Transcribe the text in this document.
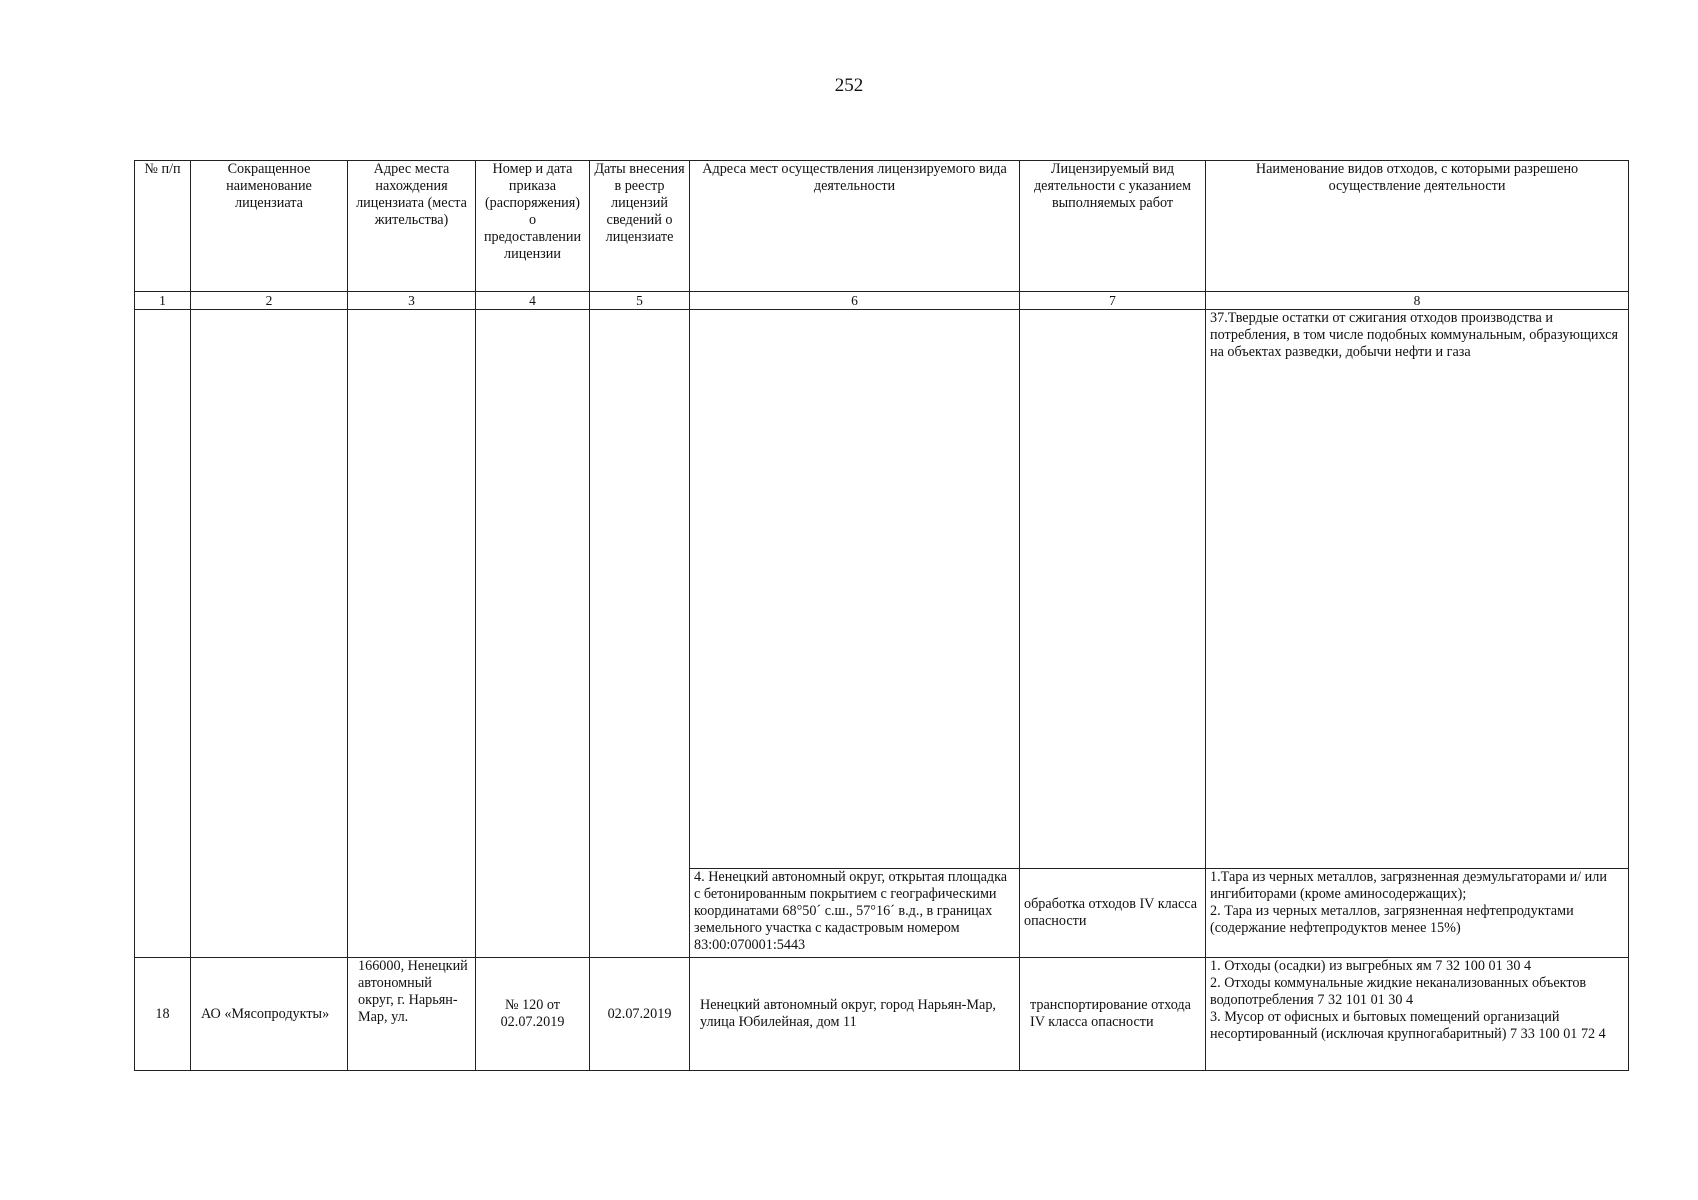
252
№ п/п	Сокращенное наименование лицензиата	Адрес места нахождения лицензиата (места жительства)	Номер и дата приказа (распоряжения) о предоставлении лицензии	Даты внесения в реестр лицензий сведений о лицензиате	Адреса мест осуществления лицензируемого вида деятельности	Лицензируемый вид деятельности с указанием выполняемых работ	Наименование видов отходов, с которыми разрешено осуществление деятельности
1	2	3	4	5	6	7	8
							37.Твердые остатки от сжигания отходов производства и потребления, в том числе подобных коммунальным, образующихся на объектах разведки, добычи нефти и газа
					4. Ненецкий автономный округ, открытая площадка с бетонированным покрытием с географическими координатами 68°50´ с.ш., 57°16´ в.д., в границах земельного участка с кадастровым номером 83:00:070001:5443	обработка отходов IV класса опасности	1.Тара из черных металлов, загрязненная деэмульгаторами и/ или ингибиторами (кроме аминосодержащих);
2. Тара из черных металлов, загрязненная нефтепродуктами (содержание нефтепродуктов менее 15%)

18	АО «Мясопродукты»	166000, Ненецкий автономный округ, г. Нарьян-Мар, ул.	№ 120 от 02.07.2019	02.07.2019	Ненецкий автономный округ, город Нарьян-Мар, улица Юбилейная, дом 11	транспортирование отхода IV класса опасности	1. Отходы (осадки) из выгребных ям 7 32 100 01 30 4
2. Отходы коммунальные жидкие неканализованных объектов водопотребления 7 32 101 01 30 4
3. Мусор от офисных и бытовых помещений организаций несортированный (исключая крупногабаритный) 7 33 100 01 72 4
